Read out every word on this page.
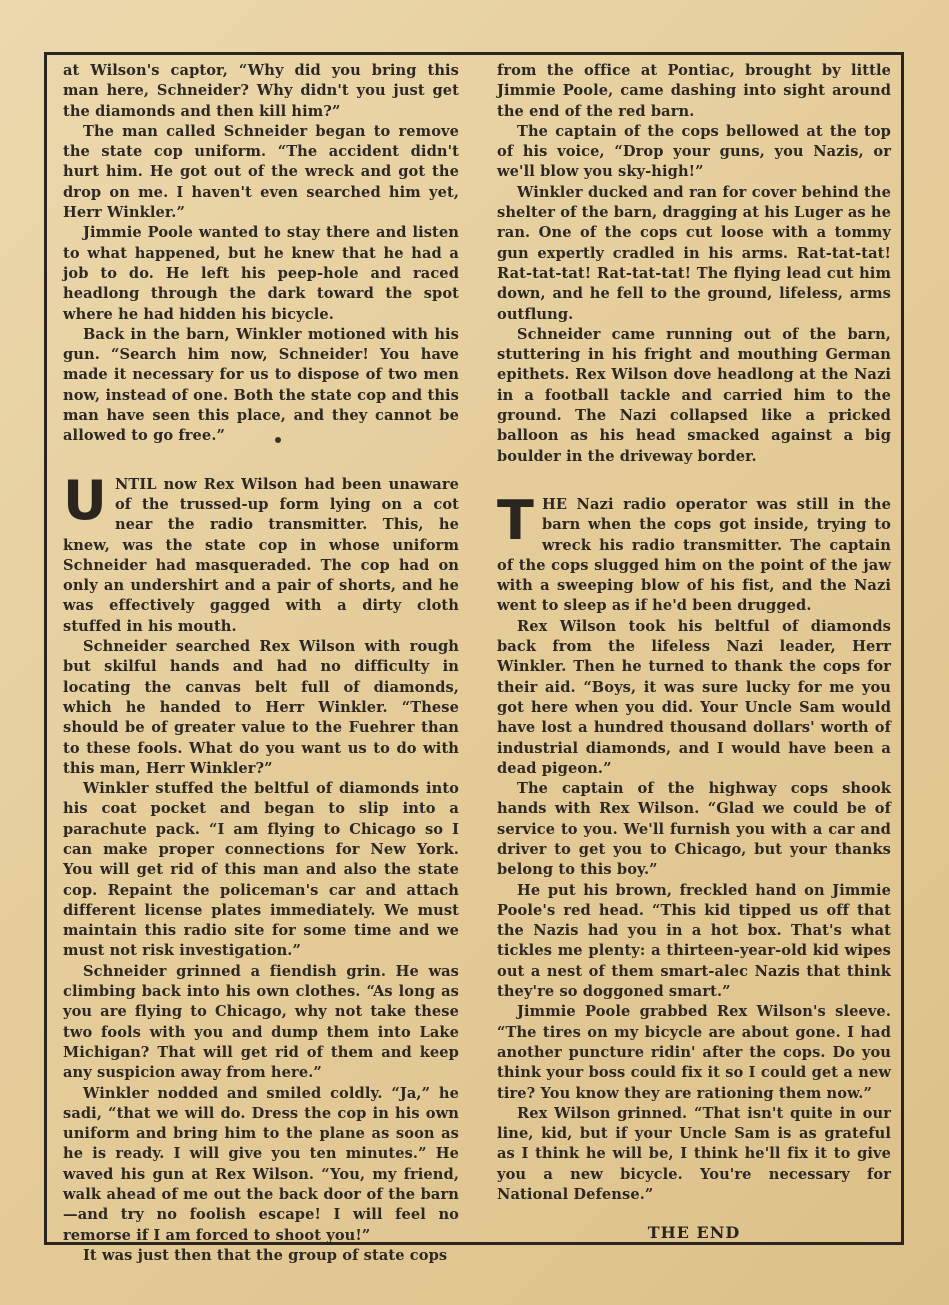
at Wilson's captor, “Why did you bring this man here, Schneider? Why didn't you just get the diamonds and then kill him?”

The man called Schneider began to remove the state cop uniform. “The accident didn't hurt him. He got out of the wreck and got the drop on me. I haven't even searched him yet, Herr Winkler.”

Jimmie Poole wanted to stay there and listen to what happened, but he knew that he had a job to do. He left his peep-hole and raced headlong through the dark toward the spot where he had hidden his bicycle.

Back in the barn, Winkler motioned with his gun. “Search him now, Schneider! You have made it necessary for us to dispose of two men now, instead of one. Both the state cop and this man have seen this place, and they cannot be allowed to go free.”

UNTIL now Rex Wilson had been unaware of the trussed-up form lying on a cot near the radio transmitter. This, he knew, was the state cop in whose uniform Schneider had masqueraded. The cop had on only an undershirt and a pair of shorts, and he was effectively gagged with a dirty cloth stuffed in his mouth.

Schneider searched Rex Wilson with rough but skilful hands and had no difficulty in locating the canvas belt full of diamonds, which he handed to Herr Winkler. “These should be of greater value to the Fuehrer than to these fools. What do you want us to do with this man, Herr Winkler?”

Winkler stuffed the beltful of diamonds into his coat pocket and began to slip into a parachute pack. “I am flying to Chicago so I can make proper connections for New York. You will get rid of this man and also the state cop. Repaint the policeman's car and attach different license plates immediately. We must maintain this radio site for some time and we must not risk investigation.”

Schneider grinned a fiendish grin. He was climbing back into his own clothes. “As long as you are flying to Chicago, why not take these two fools with you and dump them into Lake Michigan? That will get rid of them and keep any suspicion away from here.”

Winkler nodded and smiled coldly. “Ja,” he sadi, “that we will do. Dress the cop in his own uniform and bring him to the plane as soon as he is ready. I will give you ten minutes.” He waved his gun at Rex Wilson. “You, my friend, walk ahead of me out the back door of the barn —and try no foolish escape! I will feel no remorse if I am forced to shoot you!”

It was just then that the group of state cops

from the office at Pontiac, brought by little Jimmie Poole, came dashing into sight around the end of the red barn.

The captain of the cops bellowed at the top of his voice, “Drop your guns, you Nazis, or we'll blow you sky-high!”

Winkler ducked and ran for cover behind the shelter of the barn, dragging at his Luger as he ran. One of the cops cut loose with a tommy gun expertly cradled in his arms. Rat-tat-tat! Rat-tat-tat! Rat-tat-tat! The flying lead cut him down, and he fell to the ground, lifeless, arms outflung.

Schneider came running out of the barn, stuttering in his fright and mouthing German epithets. Rex Wilson dove headlong at the Nazi in a football tackle and carried him to the ground. The Nazi collapsed like a pricked balloon as his head smacked against a big boulder in the driveway border.

THE Nazi radio operator was still in the barn when the cops got inside, trying to wreck his radio transmitter. The captain of the cops slugged him on the point of the jaw with a sweeping blow of his fist, and the Nazi went to sleep as if he'd been drugged.

Rex Wilson took his beltful of diamonds back from the lifeless Nazi leader, Herr Winkler. Then he turned to thank the cops for their aid. “Boys, it was sure lucky for me you got here when you did. Your Uncle Sam would have lost a hundred thousand dollars' worth of industrial diamonds, and I would have been a dead pigeon.”

The captain of the highway cops shook hands with Rex Wilson. “Glad we could be of service to you. We'll furnish you with a car and driver to get you to Chicago, but your thanks belong to this boy.”

He put his brown, freckled hand on Jimmie Poole's red head. “This kid tipped us off that the Nazis had you in a hot box. That's what tickles me plenty: a thirteen-year-old kid wipes out a nest of them smart-alec Nazis that think they're so doggoned smart.”

Jimmie Poole grabbed Rex Wilson's sleeve. “The tires on my bicycle are about gone. I had another puncture ridin' after the cops. Do you think your boss could fix it so I could get a new tire? You know they are rationing them now.”

Rex Wilson grinned. “That isn't quite in our line, kid, but if your Uncle Sam is as grateful as I think he will be, I think he'll fix it to give you a new bicycle. You're necessary for National Defense.”

THE END
